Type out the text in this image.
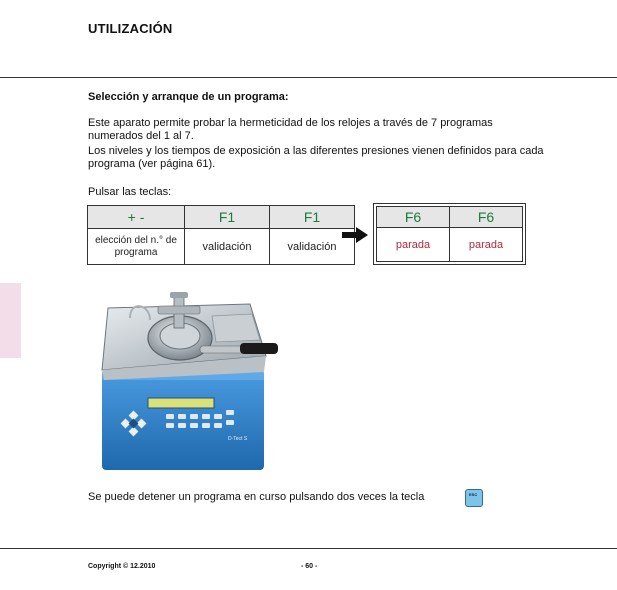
UTILIZACIÓN
Selección y arranque de un programa:
Este aparato permite probar la hermeticidad de los relojes a través de 7 programas numerados del 1 al 7.
Los niveles y los tiempos de exposición a las diferentes presiones vienen definidos para cada programa (ver página 61).
Pulsar las teclas:
+ -	F1	F1
elección del n.° de programa	validación	validación
F6	F6
parada	parada
D·Tect S
Se puede detener un programa en curso pulsando dos veces la tecla	ESC
Copyright © 12.2010	- 60 -
